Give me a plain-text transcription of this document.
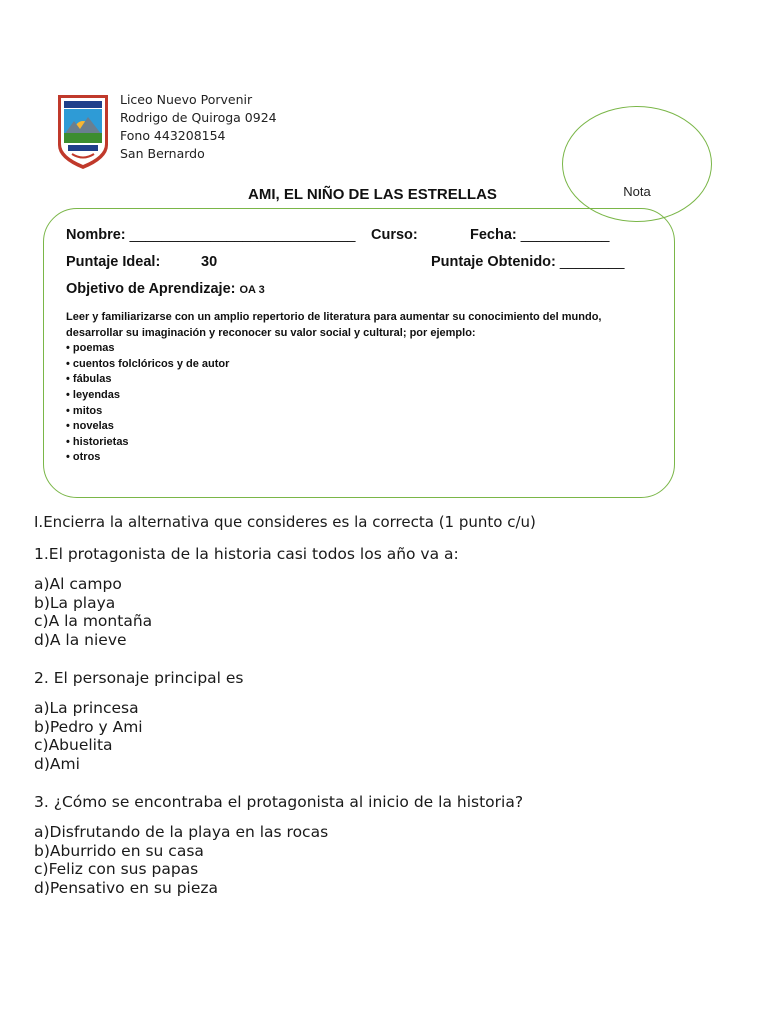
Liceo Nuevo Porvenir
Rodrigo de Quiroga 0924
Fono 443208154
San Bernardo
Nota
AMI, EL NIÑO DE LAS ESTRELLAS
Nombre: ____________________________ Curso:	Fecha: ___________
Puntaje Ideal:	30	Puntaje Obtenido: ________
Objetivo de Aprendizaje: OA 3
Leer y familiarizarse con un amplio repertorio de literatura para aumentar su conocimiento del mundo,
desarrollar su imaginación y reconocer su valor social y cultural; por ejemplo:
• poemas
• cuentos folclóricos y de autor
• fábulas
• leyendas
• mitos
• novelas
• historietas
• otros
I.Encierra la alternativa que consideres es la correcta (1 punto c/u)
1.El protagonista de la historia casi todos los año va a:
a)Al campo
b)La playa
c)A la montaña
d)A la nieve
2. El personaje principal es
a)La princesa
b)Pedro y Ami
c)Abuelita
d)Ami
3. ¿Cómo se encontraba el protagonista al inicio de la historia?
a)Disfrutando de la playa en las rocas
b)Aburrido en su casa
c)Feliz con sus papas
d)Pensativo en su pieza
